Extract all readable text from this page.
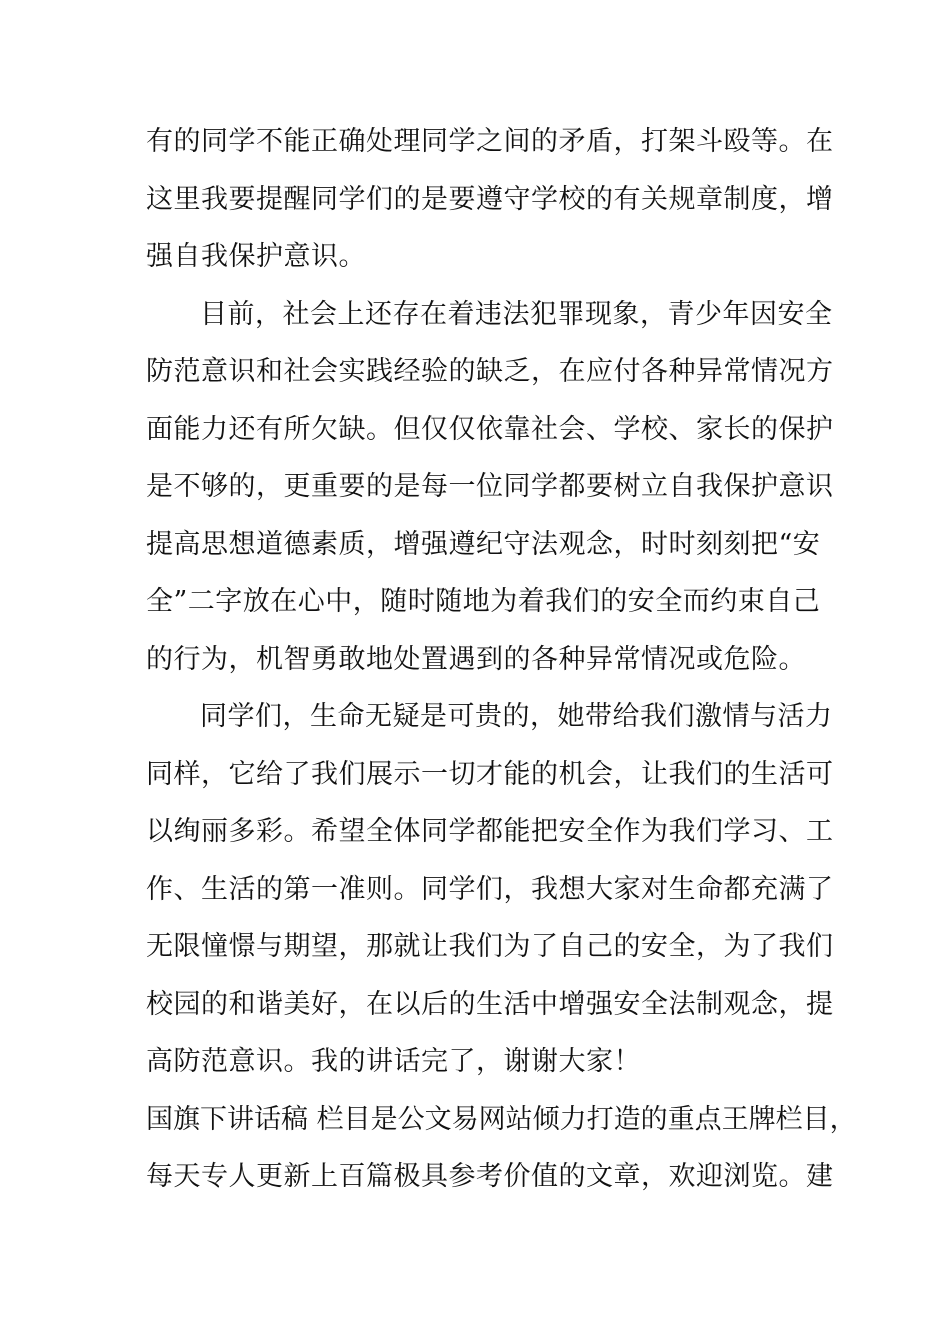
有的同学不能正确处理同学之间的矛盾，打架斗殴等。在
这里我要提醒同学们的是要遵守学校的有关规章制度，增
强自我保护意识。
目前，社会上还存在着违法犯罪现象，青少年因安全
防范意识和社会实践经验的缺乏，在应付各种异常情况方
面能力还有所欠缺。但仅仅依靠社会、学校、家长的保护
是不够的，更重要的是每一位同学都要树立自我保护意识
提高思想道德素质，增强遵纪守法观念，时时刻刻把“安
全”二字放在心中，随时随地为着我们的安全而约束自己
的行为，机智勇敢地处置遇到的各种异常情况或危险。
同学们，生命无疑是可贵的，她带给我们激情与活力
同样，它给了我们展示一切才能的机会，让我们的生活可
以绚丽多彩。希望全体同学都能把安全作为我们学习、工
作、生活的第一准则。同学们，我想大家对生命都充满了
无限憧憬与期望，那就让我们为了自己的安全，为了我们
校园的和谐美好，在以后的生活中增强安全法制观念，提
高防范意识。我的讲话完了，谢谢大家！
国旗下讲话稿 栏目是公文易网站倾力打造的重点王牌栏目，
每天专人更新上百篇极具参考价值的文章，欢迎浏览。建
